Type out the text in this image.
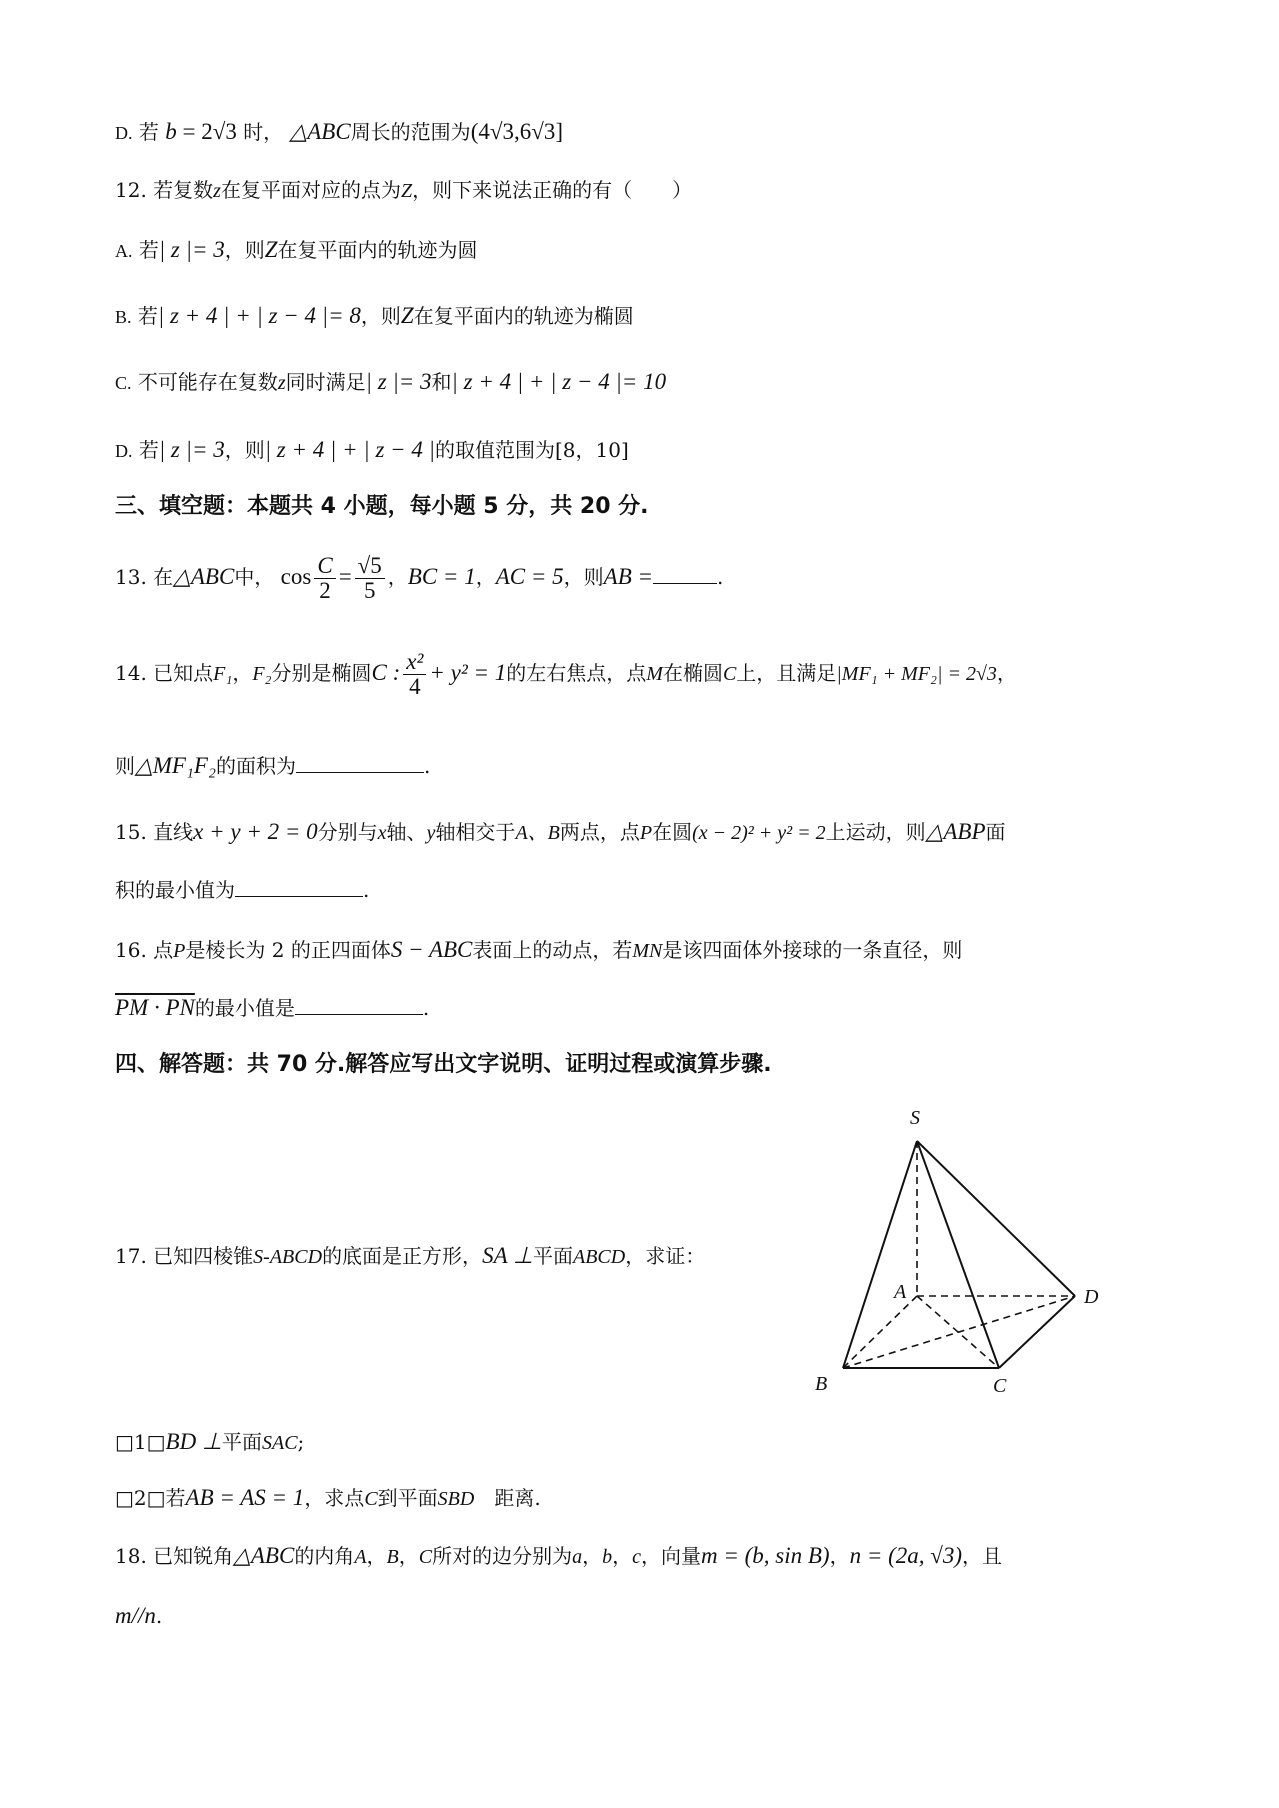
D. 若 b = 2√3 时， △ABC周长的范围为(4√3,6√3]
12. 若复数z在复平面对应的点为Z，则下来说法正确的有（　　）
A. 若| z |= 3，则Z在复平面内的轨迹为圆
B. 若| z + 4 | + | z − 4 |= 8，则Z在复平面内的轨迹为椭圆
C. 不可能存在复数z同时满足| z |= 3和| z + 4 | + | z − 4 |= 10
D. 若| z |= 3，则| z + 4 | + | z − 4 |的取值范围为[8，10]
三、填空题：本题共 4 小题，每小题 5 分，共 20 分.
13. 在△ABC中， $\cos \frac{C}{2} = \frac{√5}{5}$ ，BC = 1，AC = 5，则AB =	.
14. 已知点F₁，F₂分别是椭圆C : $\frac{\text{x²}}{4} + y^2 = 1$的左右焦点，点M在椭圆C上，且满足|MF₁ + MF₂| = 2√3，
则△MF₁F₂的面积为	.
15. 直线x + y + 2 = 0分别与x轴、y轴相交于A、B两点，点P在圆(x − 2)² + y² = 2上运动，则△ABP面
积的最小值为	.
16. 点P是棱长为 2 的正四面体S − ABC表面上的动点，若MN是该四面体外接球的一条直径，则
PM · PN的最小值是	.
四、解答题：共 70 分.解答应写出文字说明、证明过程或演算步骤.
17. 已知四棱锥S-ABCD的底面是正方形，SA ⊥平面ABCD，求证：
S
A	D
B	C
□1□BD ⊥平面SAC;
□2□若AB = AS = 1，求点C到平面SBD　距离.
18. 已知锐角△ABC的内角A，B，C所对的边分别为a，b，c，向量m = (b, sin B)，n = (2a, √3)，且
m//n.
